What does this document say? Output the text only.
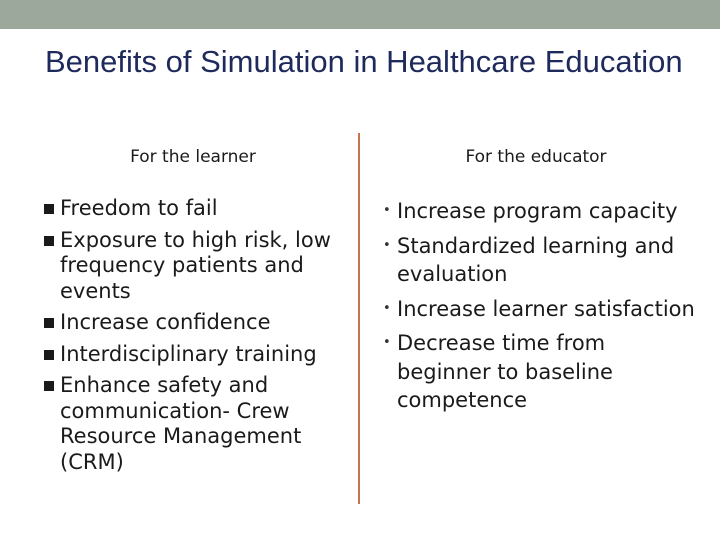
Benefits of Simulation in Healthcare Education
For the learner	For the educator
Freedom to fail
Exposure to high risk, low frequency patients and events
Increase confidence
Interdisciplinary training
Enhance safety and communication- Crew Resource Management (CRM)
• Increase program capacity
• Standardized learning and evaluation
• Increase learner satisfaction
• Decrease time from beginner to baseline competence
